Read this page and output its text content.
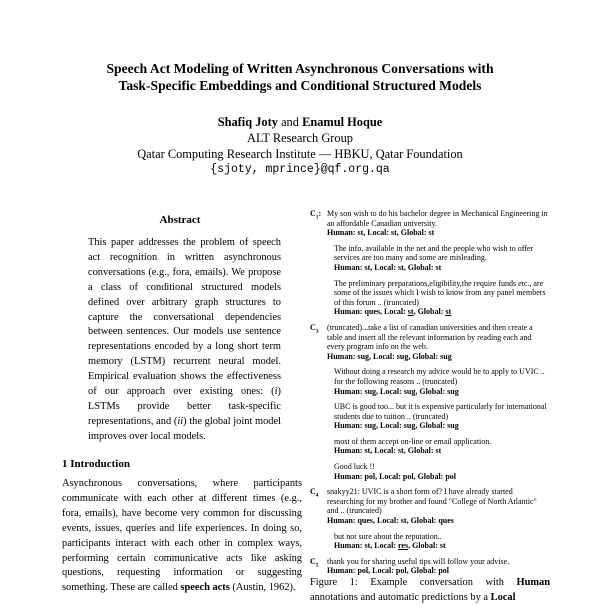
Speech Act Modeling of Written Asynchronous Conversations with
Task-Specific Embeddings and Conditional Structured Models
Shafiq Joty and Enamul Hoque
ALT Research Group
Qatar Computing Research Institute — HBKU, Qatar Foundation
{sjoty, mprince}@qf.org.qa
Abstract
This paper addresses the problem of speech act recognition in written asynchronous conversations (e.g., fora, emails). We propose a class of conditional structured models defined over arbitrary graph structures to capture the conversational dependencies between sentences. Our models use sentence representations encoded by a long short term memory (LSTM) recurrent neural model. Empirical evaluation shows the effectiveness of our approach over existing ones: (i) LSTMs provide better task-specific representations, and (ii) the global joint model improves over local models.
1 Introduction
Asynchronous conversations, where participants communicate with each other at different times (e.g., fora, emails), have become very common for discussing events, issues, queries and life experiences. In doing so, participants interact with each other in complex ways, performing certain communicative acts like asking questions, requesting information or suggesting something. These are called speech acts (Austin, 1962).
$C_1$: My son wish to do his bachelor degree in Mechanical Engineering in an affordable Canadian university.
Human: st, Local: st, Global: st
The info. available in the net and the people who wish to offer services are too many and some are misleading.
Human: st, Local: st, Global: st
The preliminary preparations,eligibility,the require funds etc., are some of the issues which I wish to know from any panel members of this forum .. (truncated)
Human: ques, Local: st, Global: st
$C_3$ (truncated)...take a list of canadian universities and then create a table and insert all the relevant information by reading each and every program info on the web.
Human: sug, Local: sug, Global: sug
Without doing a research my advice would be to apply to UVIC .. for the following reasons .. (truncated)
Human: sug, Local: sug, Global: sug
UBC is good too... but it is expensive particularly for international students due to tuition .. (truncated)
Human: sug, Local: sug, Global: sug
most of them accept on-line or email application.
Human: st, Local: st, Global: st
Good luck !!
Human: pol, Local: pol, Global: pol
$C_4$ snakyy21: UVIC is a short form of? I have already started researching for my brother and found "College of North Atlantic" and .. (truncated)
Human: ques, Local: st, Global: ques
but not sure about the reputation..
Human: st, Local: res, Global: st
$C_5$ thank you for sharing useful tips will follow your advise.
Human: pol, Local: pol, Global: pol
Figure 1: Example conversation with Human annotations and automatic predictions by a Local
